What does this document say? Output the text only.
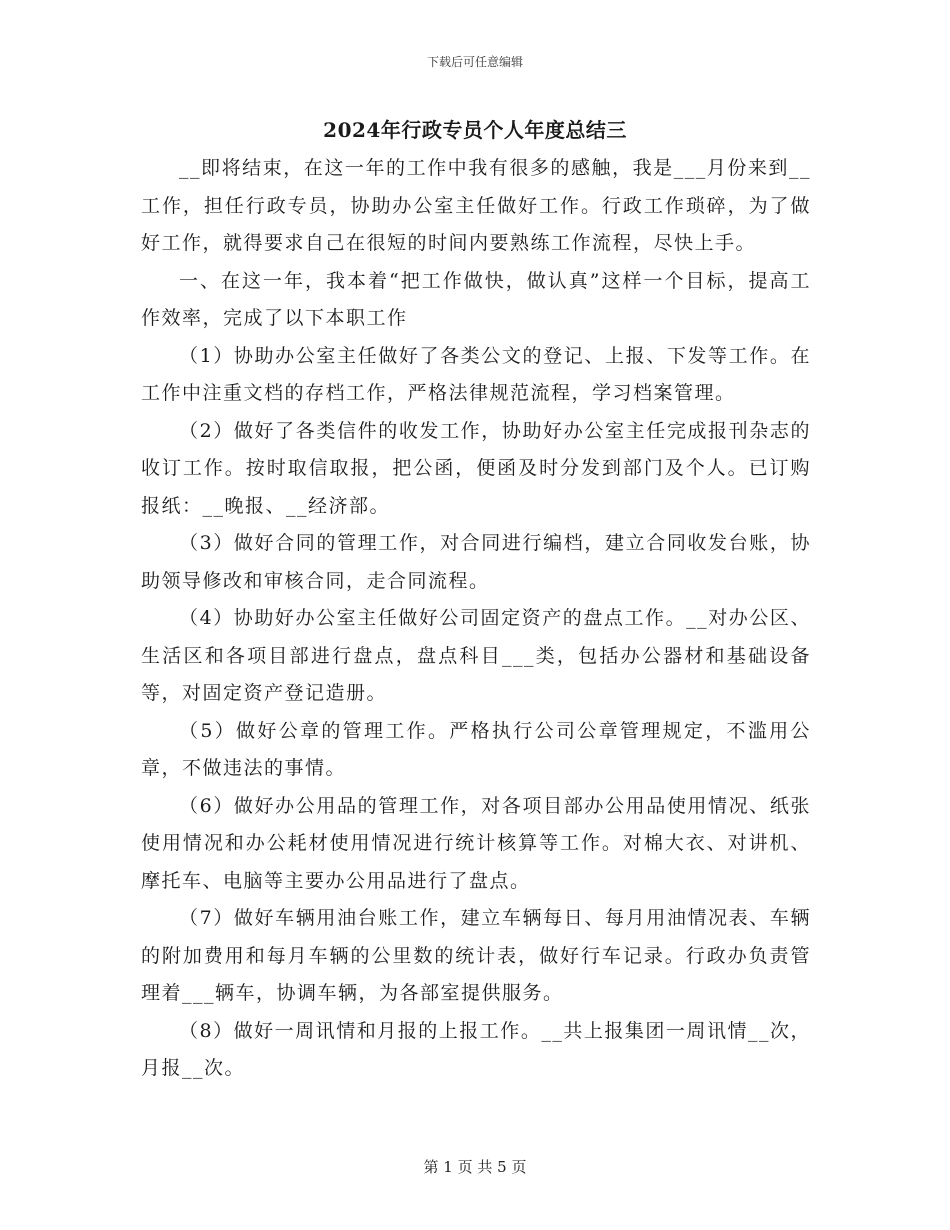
下载后可任意编辑
2024年行政专员个人年度总结三

__即将结束，在这一年的工作中我有很多的感触，我是___月份来到__工作，担任行政专员，协助办公室主任做好工作。行政工作琐碎，为了做好工作，就得要求自己在很短的时间内要熟练工作流程，尽快上手。

一、在这一年，我本着“把工作做快，做认真”这样一个目标，提高工作效率，完成了以下本职工作

（1）协助办公室主任做好了各类公文的登记、上报、下发等工作。在工作中注重文档的存档工作，严格法律规范流程，学习档案管理。

（2）做好了各类信件的收发工作，协助好办公室主任完成报刊杂志的收订工作。按时取信取报，把公函，便函及时分发到部门及个人。已订购报纸：__晚报、__经济部。

（3）做好合同的管理工作，对合同进行编档，建立合同收发台账，协助领导修改和审核合同，走合同流程。

（4）协助好办公室主任做好公司固定资产的盘点工作。__对办公区、生活区和各项目部进行盘点，盘点科目___类，包括办公器材和基础设备等，对固定资产登记造册。

（5）做好公章的管理工作。严格执行公司公章管理规定，不滥用公章，不做违法的事情。

（6）做好办公用品的管理工作，对各项目部办公用品使用情况、纸张使用情况和办公耗材使用情况进行统计核算等工作。对棉大衣、对讲机、摩托车、电脑等主要办公用品进行了盘点。

（7）做好车辆用油台账工作，建立车辆每日、每月用油情况表、车辆的附加费用和每月车辆的公里数的统计表，做好行车记录。行政办负责管理着___辆车，协调车辆，为各部室提供服务。

（8）做好一周讯情和月报的上报工作。__共上报集团一周讯情__次，月报__次。

第 1 页 共 5 页
